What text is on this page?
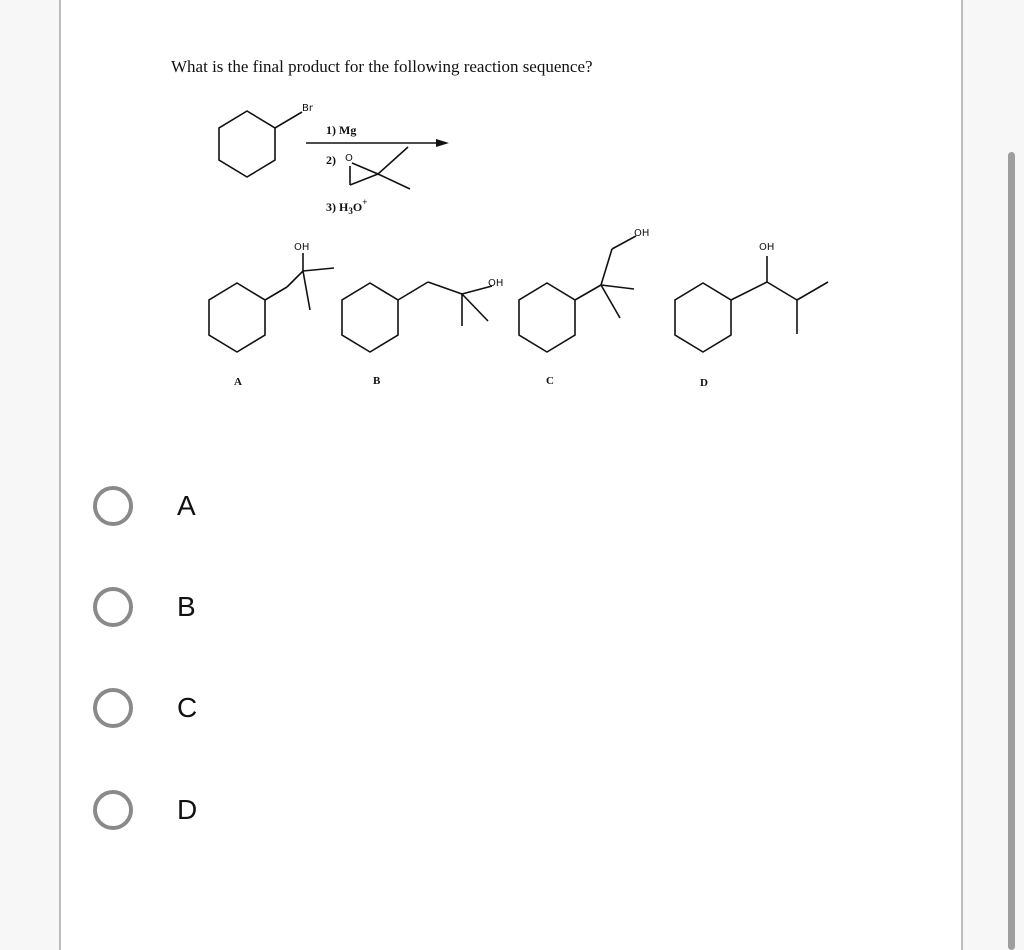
What is the final product for the following reaction sequence?
Br
1) Mg
2) O
3) $H_3O^+$
OH
A
OH
B
OH
C
OH
D
A
B
C
D
